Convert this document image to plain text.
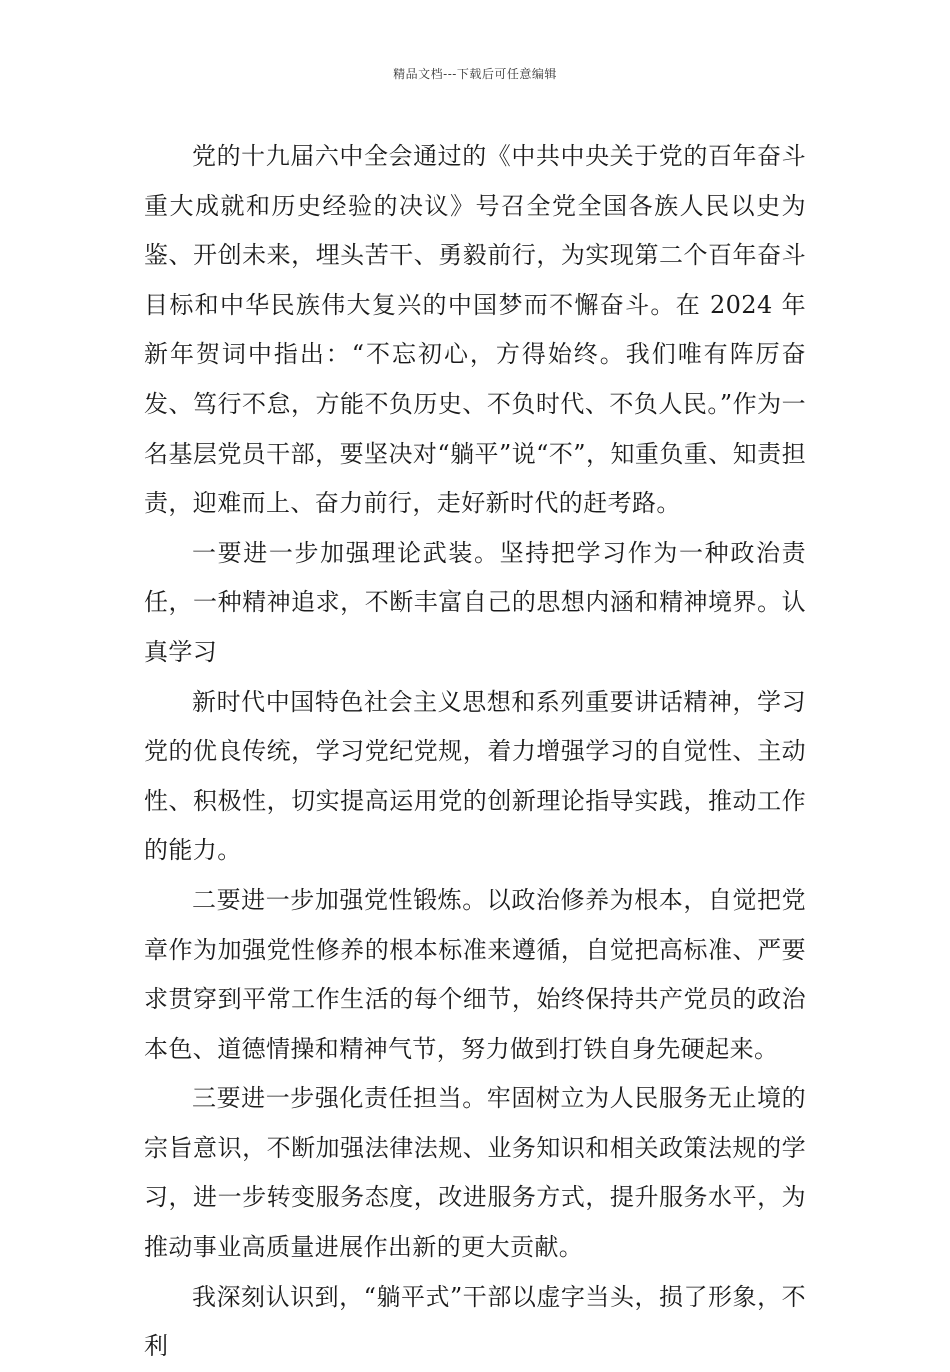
精品文档---下载后可任意编辑

党的十九届六中全会通过的《中共中央关于党的百年奋斗重大成就和历史经验的决议》号召全党全国各族人民以史为鉴、开创未来，埋头苦干、勇毅前行，为实现第二个百年奋斗目标和中华民族伟大复兴的中国梦而不懈奋斗。在 2024 年新年贺词中指出：“不忘初心，方得始终。我们唯有阵厉奋发、笃行不怠，方能不负历史、不负时代、不负人民。”作为一名基层党员干部，要坚决对“躺平”说“不”，知重负重、知责担责，迎难而上、奋力前行，走好新时代的赶考路。

一要进一步加强理论武装。坚持把学习作为一种政治责任，一种精神追求，不断丰富自己的思想内涵和精神境界。认真学习

新时代中国特色社会主义思想和系列重要讲话精神，学习党的优良传统，学习党纪党规，着力增强学习的自觉性、主动性、积极性，切实提高运用党的创新理论指导实践，推动工作的能力。

二要进一步加强党性锻炼。以政治修养为根本，自觉把党章作为加强党性修养的根本标准来遵循，自觉把高标准、严要求贯穿到平常工作生活的每个细节，始终保持共产党员的政治本色、道德情操和精神气节，努力做到打铁自身先硬起来。

三要进一步强化责任担当。牢固树立为人民服务无止境的宗旨意识，不断加强法律法规、业务知识和相关政策法规的学习，进一步转变服务态度，改进服务方式，提升服务水平，为推动事业高质量进展作出新的更大贡献。

我深刻认识到，“躺平式”干部以虚字当头，损了形象，不利
